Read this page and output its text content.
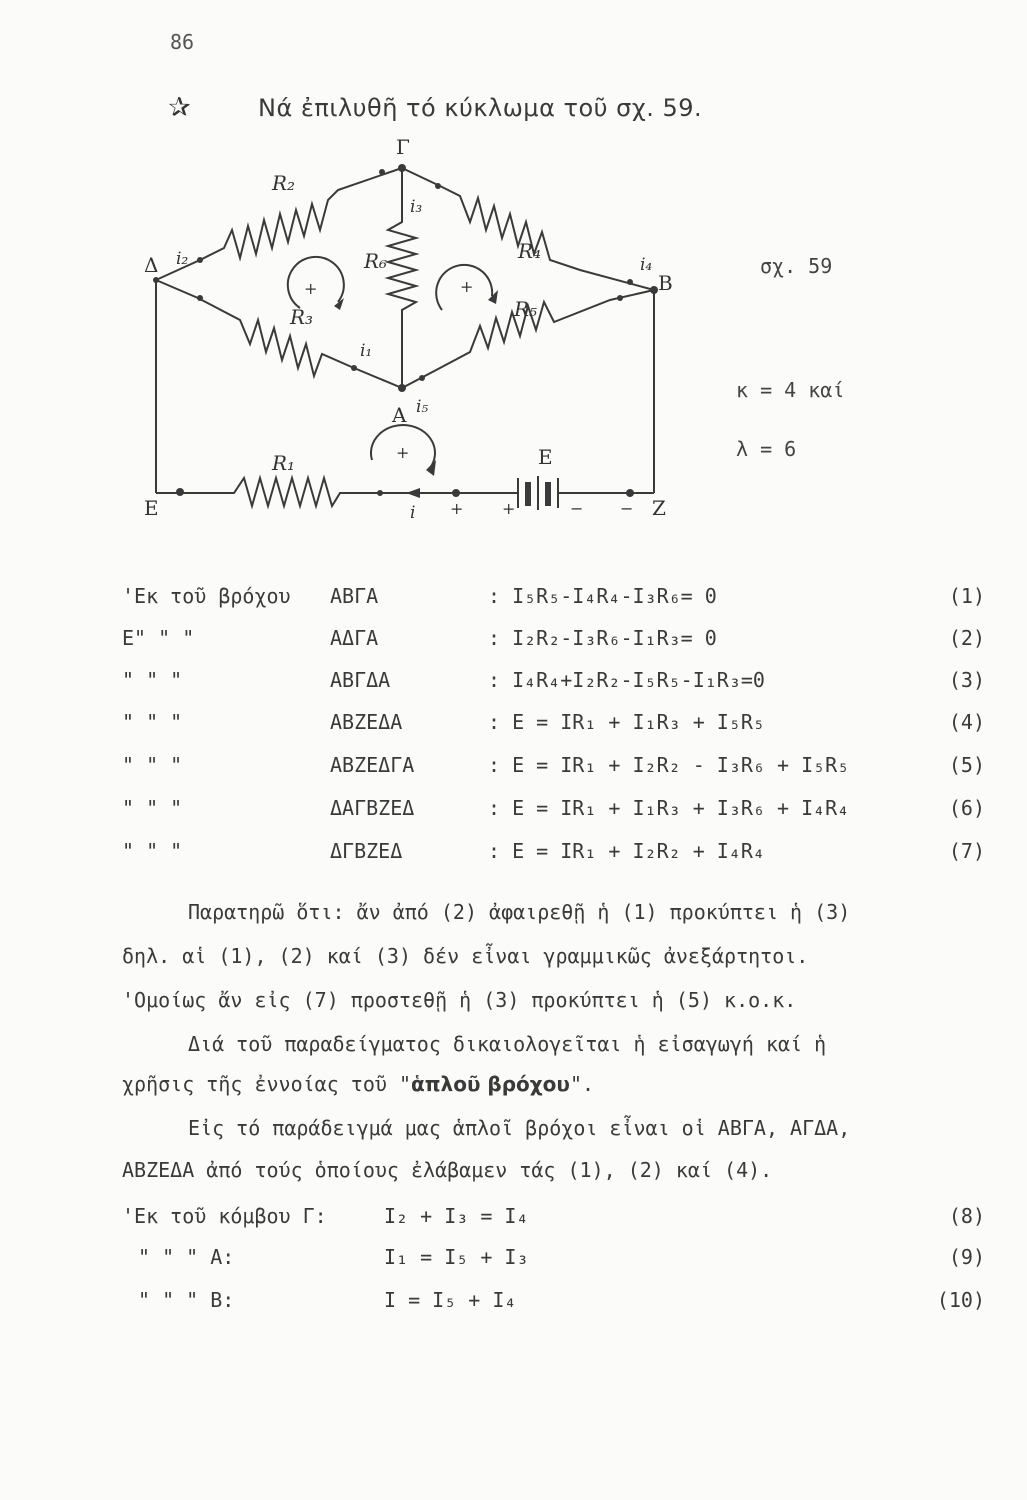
86
✰	Νά ἐπιλυθῆ τό κύκλωμα τοῦ σχ. 59.
Δ
Γ
B
A
E	Z
E
R₂
R₄
R₆
R₃	R₅
R₁
i₂
i₃
i₄
i₁
i₅
i
+	+
+
+ +	− −
σχ. 59
κ = 4 καί
λ = 6
'Εκ τοῦ βρόχου ΑΒΓΑ	: I₅R₅-I₄R₄-I₃R₆= 0	(1)
E" " "	ΑΔΓΑ	: I₂R₂-I₃R₆-I₁R₃= 0	(2)
" " "	ΑΒΓΔΑ	: I₄R₄+I₂R₂-I₅R₅-I₁R₃=0	(3)
" " "	ΑΒΖΕΔΑ	: E = IR₁ + I₁R₃ + I₅R₅	(4)
" " "	ΑΒΖΕΔΓΑ	: E = IR₁ + I₂R₂ - I₃R₆ + I₅R₅	(5)
" " "	ΔΑΓΒΖΕΔ	: E = IR₁ + I₁R₃ + I₃R₆ + I₄R₄	(6)
" " "	ΔΓΒΖΕΔ	: E = IR₁ + I₂R₂ + I₄R₄	(7)
Παρατηρῶ ὅτι: ἄν ἀπό (2) ἀφαιρεθῇ ἡ (1) προκύπτει ἡ (3)
δηλ. αἱ (1), (2) καί (3) δέν εἶναι γραμμικῶς ἀνεξάρτητοι.
'Ομοίως ἄν εἰς (7) προστεθῇ ἡ (3) προκύπτει ἡ (5) κ.ο.κ.
Διά τοῦ παραδείγματος δικαιολογεῖται ἡ εἰσαγωγή καί ἡ
χρῆσις τῆς ἐννοίας τοῦ "ἁπλοῦ βρόχου".
Εἰς τό παράδειγμά μας ἁπλοῖ βρόχοι εἶναι οἱ ΑΒΓΑ, ΑΓΔΑ,
ΑΒΖΕΔΑ ἀπό τούς ὁποίους ἐλάβαμεν τάς (1), (2) καί (4).
'Εκ τοῦ κόμβου Γ:	I₂ + I₃ = I₄	(8)
" " " A:	I₁ = I₅ + I₃	(9)
" " " B:	I = I₅ + I₄	(10)
